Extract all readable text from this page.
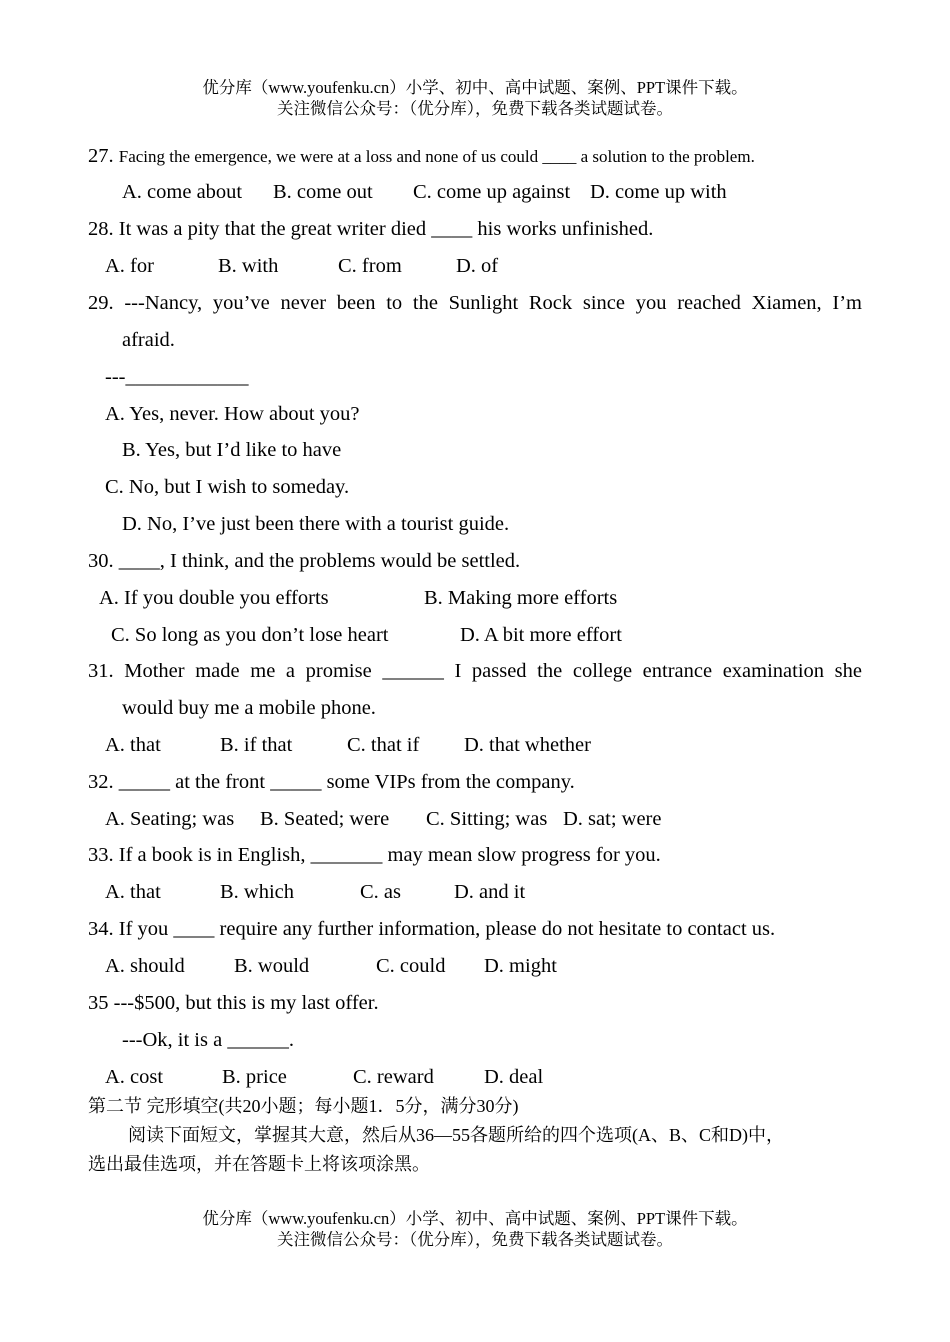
优分库（www.youfenku.cn）小学、初中、高中试题、案例、PPT课件下载。
关注微信公众号：（优分库），免费下载各类试题试卷。
27. Facing the emergence, we were at a loss and none of us could ____ a solution to the problem.
A. come about B. come out C. come up against D. come up with
28. It was a pity that the great writer died ____ his works unfinished.
A. for	B. with	C. from	D. of
29. ---Nancy, you’ve never been to the Sunlight Rock since you reached Xiamen, I’m
afraid.
---____________
A. Yes, never. How about you?
B. Yes, but I’d like to have
C. No, but I wish to someday.
D. No, I’ve just been there with a tourist guide.
30. ____, I think, and the problems would be settled.
A. If you double you efforts	B. Making more efforts
C. So long as you don’t lose heart	D. A bit more effort
31. Mother made me a promise ______ I passed the college entrance examination she
would buy me a mobile phone.
A. that	B. if that	C. that if D. that whether
32. _____ at the front _____ some VIPs from the company.
A. Seating; was B. Seated; were C. Sitting; was D. sat; were
33. If a book is in English, _______ may mean slow progress for you.
A. that	B. which	C. as	D. and it
34. If you ____ require any further information, please do not hesitate to contact us.
A. should B. would	C. could D. might
35 ---$500, but this is my last offer.
---Ok, it is a ______.
A. cost	B. price	C. reward D. deal
第二节 完形填空(共20小题；每小题1．5分，满分30分)
阅读下面短文，掌握其大意，然后从36—55各题所给的四个选项(A、B、C和D)中，
选出最佳选项，并在答题卡上将该项涂黑。
优分库（www.youfenku.cn）小学、初中、高中试题、案例、PPT课件下载。
关注微信公众号：（优分库），免费下载各类试题试卷。
